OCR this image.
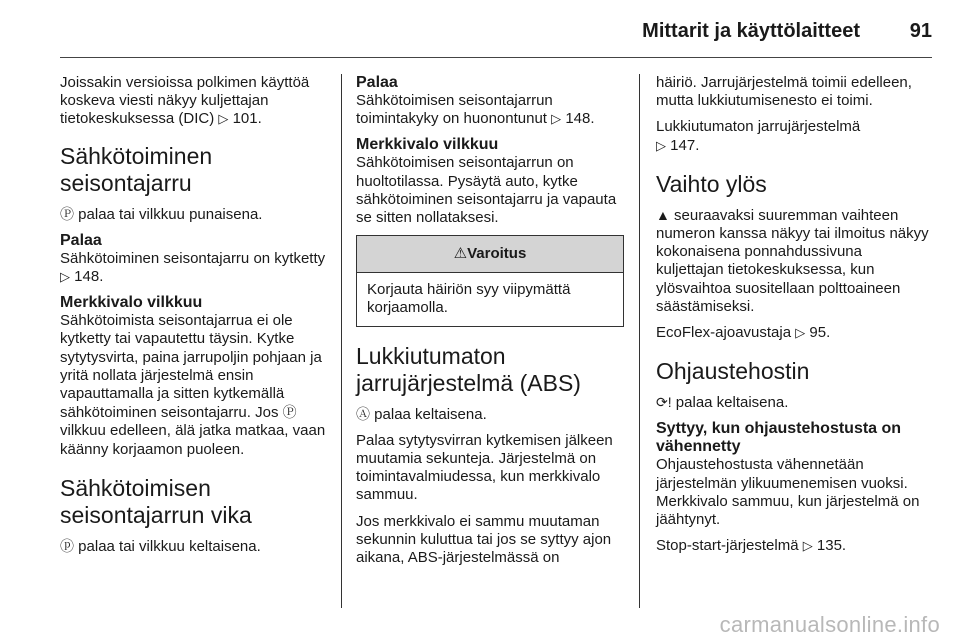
Mittarit ja käyttölaitteet	91

Joissakin versioissa polkimen käyttöä koskeva viesti näkyy kuljettajan tietokeskuksessa (DIC) ▷ 101.

Sähkötoiminen seisontajarru

Ⓟ palaa tai vilkkuu punaisena.

Palaa

Sähkötoiminen seisontajarru on kytketty ▷ 148.

Merkkivalo vilkkuu

Sähkötoimista seisontajarrua ei ole kytketty tai vapautettu täysin. Kytke sytytysvirta, paina jarrupoljin pohjaan ja yritä nollata järjestelmä ensin vapauttamalla ja sitten kytkemällä sähkötoiminen seisontajarru. Jos Ⓟ vilkkuu edelleen, älä jatka matkaa, vaan käänny korjaamon puoleen.

Sähkötoimisen seisontajarrun vika

ⓟ palaa tai vilkkuu keltaisena.

Palaa

Sähkötoimisen seisontajarrun toimintakyky on huonontunut ▷ 148.

Merkkivalo vilkkuu

Sähkötoimisen seisontajarrun on huoltotilassa. Pysäytä auto, kytke sähkötoiminen seisontajarru ja vapauta se sitten nollataksesi.

⚠Varoitus
Korjauta häiriön syy viipymättä korjaamolla.
Lukkiutumaton jarrujärjestelmä (ABS)

Ⓐ palaa keltaisena.

Palaa sytytysvirran kytkemisen jälkeen muutamia sekunteja. Järjestelmä on toimintavalmiudessa, kun merkkivalo sammuu.

Jos merkkivalo ei sammu muutaman sekunnin kuluttua tai jos se syttyy ajon aikana, ABS-järjestelmässä on

häiriö. Jarrujärjestelmä toimii edelleen, mutta lukkiutumisenesto ei toimi.

Lukkiutumaton jarrujärjestelmä
▷ 147.

Vaihto ylös

▲ seuraavaksi suuremman vaihteen numeron kanssa näkyy tai ilmoitus näkyy kokonaisena ponnahdussivuna kuljettajan tietokeskuksessa, kun ylösvaihtoa suositellaan polttoaineen säästämiseksi.

EcoFlex-ajoavustaja ▷ 95.

Ohjaustehostin

⟳! palaa keltaisena.

Syttyy, kun ohjaustehostusta on vähennetty

Ohjaustehostusta vähennetään järjestelmän ylikuumenemisen vuoksi. Merkkivalo sammuu, kun järjestelmä on jäähtynyt.

Stop-start-järjestelmä ▷ 135.

carmanualsonline.info
